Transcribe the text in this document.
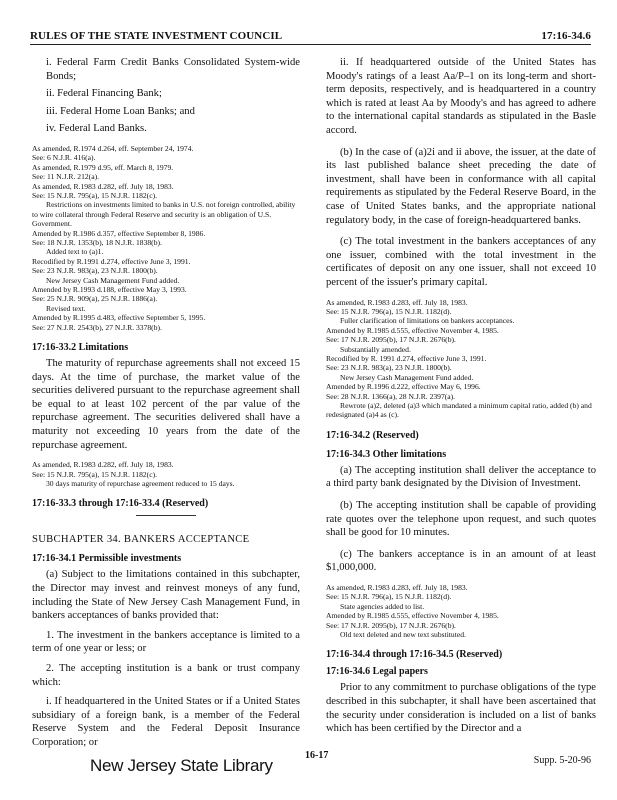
RULES OF THE STATE INVESTMENT COUNCIL	17:16-34.6

i. Federal Farm Credit Banks Consolidated System-wide Bonds;

ii. Federal Financing Bank;

iii. Federal Home Loan Banks; and

iv. Federal Land Banks.

As amended, R.1974 d.264, eff. September 24, 1974.

See: 6 N.J.R. 416(a).

As amended, R.1979 d.95, eff. March 8, 1979.

See: 11 N.J.R. 212(a).

As amended, R.1983 d.282, eff. July 18, 1983.

See: 15 N.J.R. 795(a), 15 N.J.R. 1182(c).

Restrictions on investments limited to banks in U.S. not foreign controlled, ability to wire collateral through Federal Reserve and security is an obligation of U.S. Government.

Amended by R.1986 d.357, effective September 8, 1986.

See: 18 N.J.R. 1353(b), 18 N.J.R. 1838(b).

Added text to (a)1.

Recodified by R.1991 d.274, effective June 3, 1991.

See: 23 N.J.R. 983(a), 23 N.J.R. 1800(b).

New Jersey Cash Management Fund added.

Amended by R.1993 d.188, effective May 3, 1993.

See: 25 N.J.R. 909(a), 25 N.J.R. 1886(a).

Revised text.

Amended by R.1995 d.483, effective September 5, 1995.

See: 27 N.J.R. 2543(b), 27 N.J.R. 3378(b).

17:16-33.2 Limitations

The maturity of repurchase agreements shall not exceed 15 days. At the time of purchase, the market value of the securities delivered pursuant to the repurchase agreement shall be equal to at least 102 percent of the par value of the repurchase agreement. The securities delivered shall have a maturity not exceeding 10 years from the date of the repurchase agreement.

As amended, R.1983 d.282, eff. July 18, 1983.

See: 15 N.J.R. 795(a), 15 N.J.R. 1182(c).

30 days maturity of repurchase agreement reduced to 15 days.

17:16-33.3 through 17:16-33.4 (Reserved)

SUBCHAPTER 34. BANKERS ACCEPTANCE

17:16-34.1 Permissible investments

(a) Subject to the limitations contained in this subchapter, the Director may invest and reinvest moneys of any fund, including the State of New Jersey Cash Management Fund, in bankers acceptances of banks provided that:

1. The investment in the bankers acceptance is limited to a term of one year or less; or

2. The accepting institution is a bank or trust company which:

i. If headquartered in the United States or if a United States subsidiary of a foreign bank, is a member of the Federal Reserve System and the Federal Deposit Insurance Corporation; or

ii. If headquartered outside of the United States has Moody's ratings of a least Aa/P–1 on its long-term and short-term deposits, respectively, and is headquartered in a country which is rated at least Aa by Moody's and has agreed to adhere to the international capital standards as stipulated in the Basle accord.

(b) In the case of (a)2i and ii above, the issuer, at the date of its last published balance sheet preceding the date of investment, shall have been in conformance with all capital requirements as stipulated by the Federal Reserve Board, in the case of United States banks, and the appropriate national regulatory body, in the case of foreign-headquartered banks.

(c) The total investment in the bankers acceptances of any one issuer, combined with the total investment in the certificates of deposit on any one issuer, shall not exceed 10 percent of the issuer's primary capital.

As amended, R.1983 d.283, eff. July 18, 1983.

See: 15 N.J.R. 796(a), 15 N.J.R. 1182(d).

Fuller clarification of limitations on bankers acceptances.

Amended by R.1985 d.555, effective November 4, 1985.

See: 17 N.J.R. 2095(b), 17 N.J.R. 2676(b).

Substantially amended.

Recodified by R. 1991 d.274, effective June 3, 1991.

See: 23 N.J.R. 983(a), 23 N.J.R. 1800(b).

New Jersey Cash Management Fund added.

Amended by R.1996 d.222, effective May 6, 1996.

See: 28 N.J.R. 1366(a), 28 N.J.R. 2397(a).

Rewrote (a)2, deleted (a)3 which mandated a minimum capital ratio, added (b) and redesignated (a)4 as (c).

17:16-34.2 (Reserved)

17:16-34.3 Other limitations

(a) The accepting institution shall deliver the acceptance to a third party bank designated by the Division of Investment.

(b) The accepting institution shall be capable of providing rate quotes over the telephone upon request, and such quotes shall be good for 10 minutes.

(c) The bankers acceptance is in an amount of at least $1,000,000.

As amended, R.1983 d.283, eff. July 18, 1983.

See: 15 N.J.R. 796(a), 15 N.J.R. 1182(d).

State agencies added to list.

Amended by R.1985 d.555, effective November 4, 1985.

See: 17 N.J.R. 2095(b), 17 N.J.R. 2676(b).

Old text deleted and new text substituted.

17:16-34.4 through 17:16-34.5 (Reserved)

17:16-34.6 Legal papers

Prior to any commitment to purchase obligations of the type described in this subchapter, it shall have been ascertained that the security under consideration is included on a list of banks which has been certified by the Director and a

New Jersey State Library
16-17	Supp. 5-20-96
